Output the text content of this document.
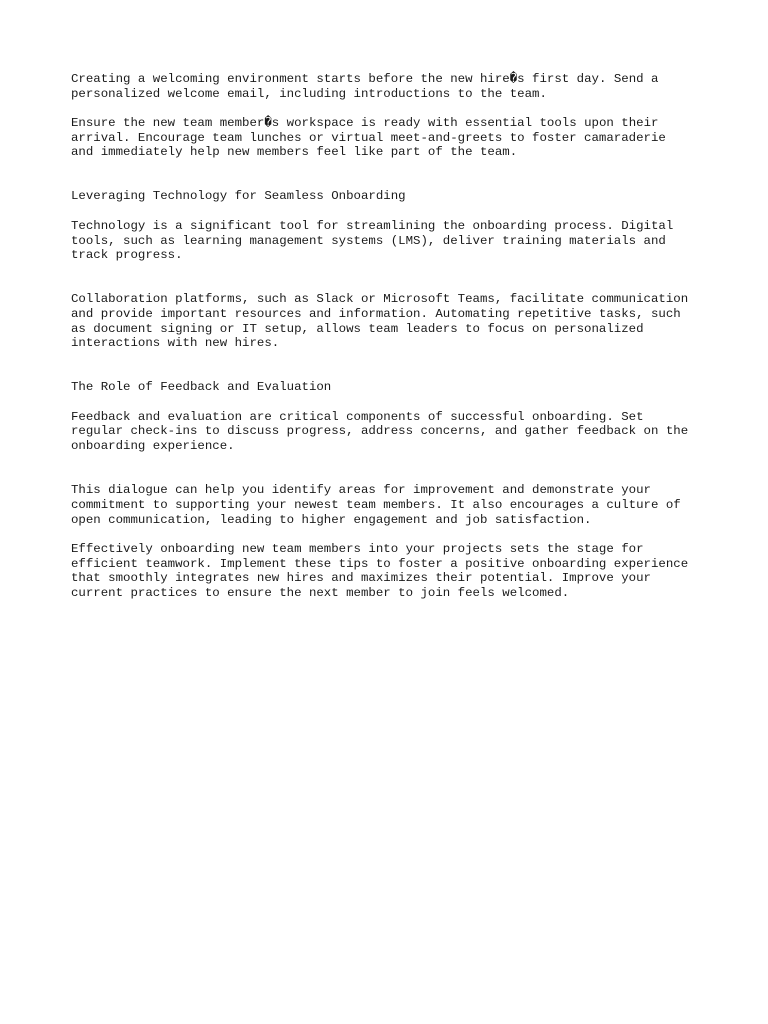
Creating a welcoming environment starts before the new hire�s first day. Send a
personalized welcome email, including introductions to the team.

Ensure the new team member�s workspace is ready with essential tools upon their
arrival. Encourage team lunches or virtual meet-and-greets to foster camaraderie
and immediately help new members feel like part of the team.

Leveraging Technology for Seamless Onboarding

Technology is a significant tool for streamlining the onboarding process. Digital
tools, such as learning management systems (LMS), deliver training materials and
track progress.

Collaboration platforms, such as Slack or Microsoft Teams, facilitate communication
and provide important resources and information. Automating repetitive tasks, such
as document signing or IT setup, allows team leaders to focus on personalized
interactions with new hires.

The Role of Feedback and Evaluation

Feedback and evaluation are critical components of successful onboarding. Set
regular check-ins to discuss progress, address concerns, and gather feedback on the
onboarding experience.

This dialogue can help you identify areas for improvement and demonstrate your
commitment to supporting your newest team members. It also encourages a culture of
open communication, leading to higher engagement and job satisfaction.

Effectively onboarding new team members into your projects sets the stage for
efficient teamwork. Implement these tips to foster a positive onboarding experience
that smoothly integrates new hires and maximizes their potential. Improve your
current practices to ensure the next member to join feels welcomed.
